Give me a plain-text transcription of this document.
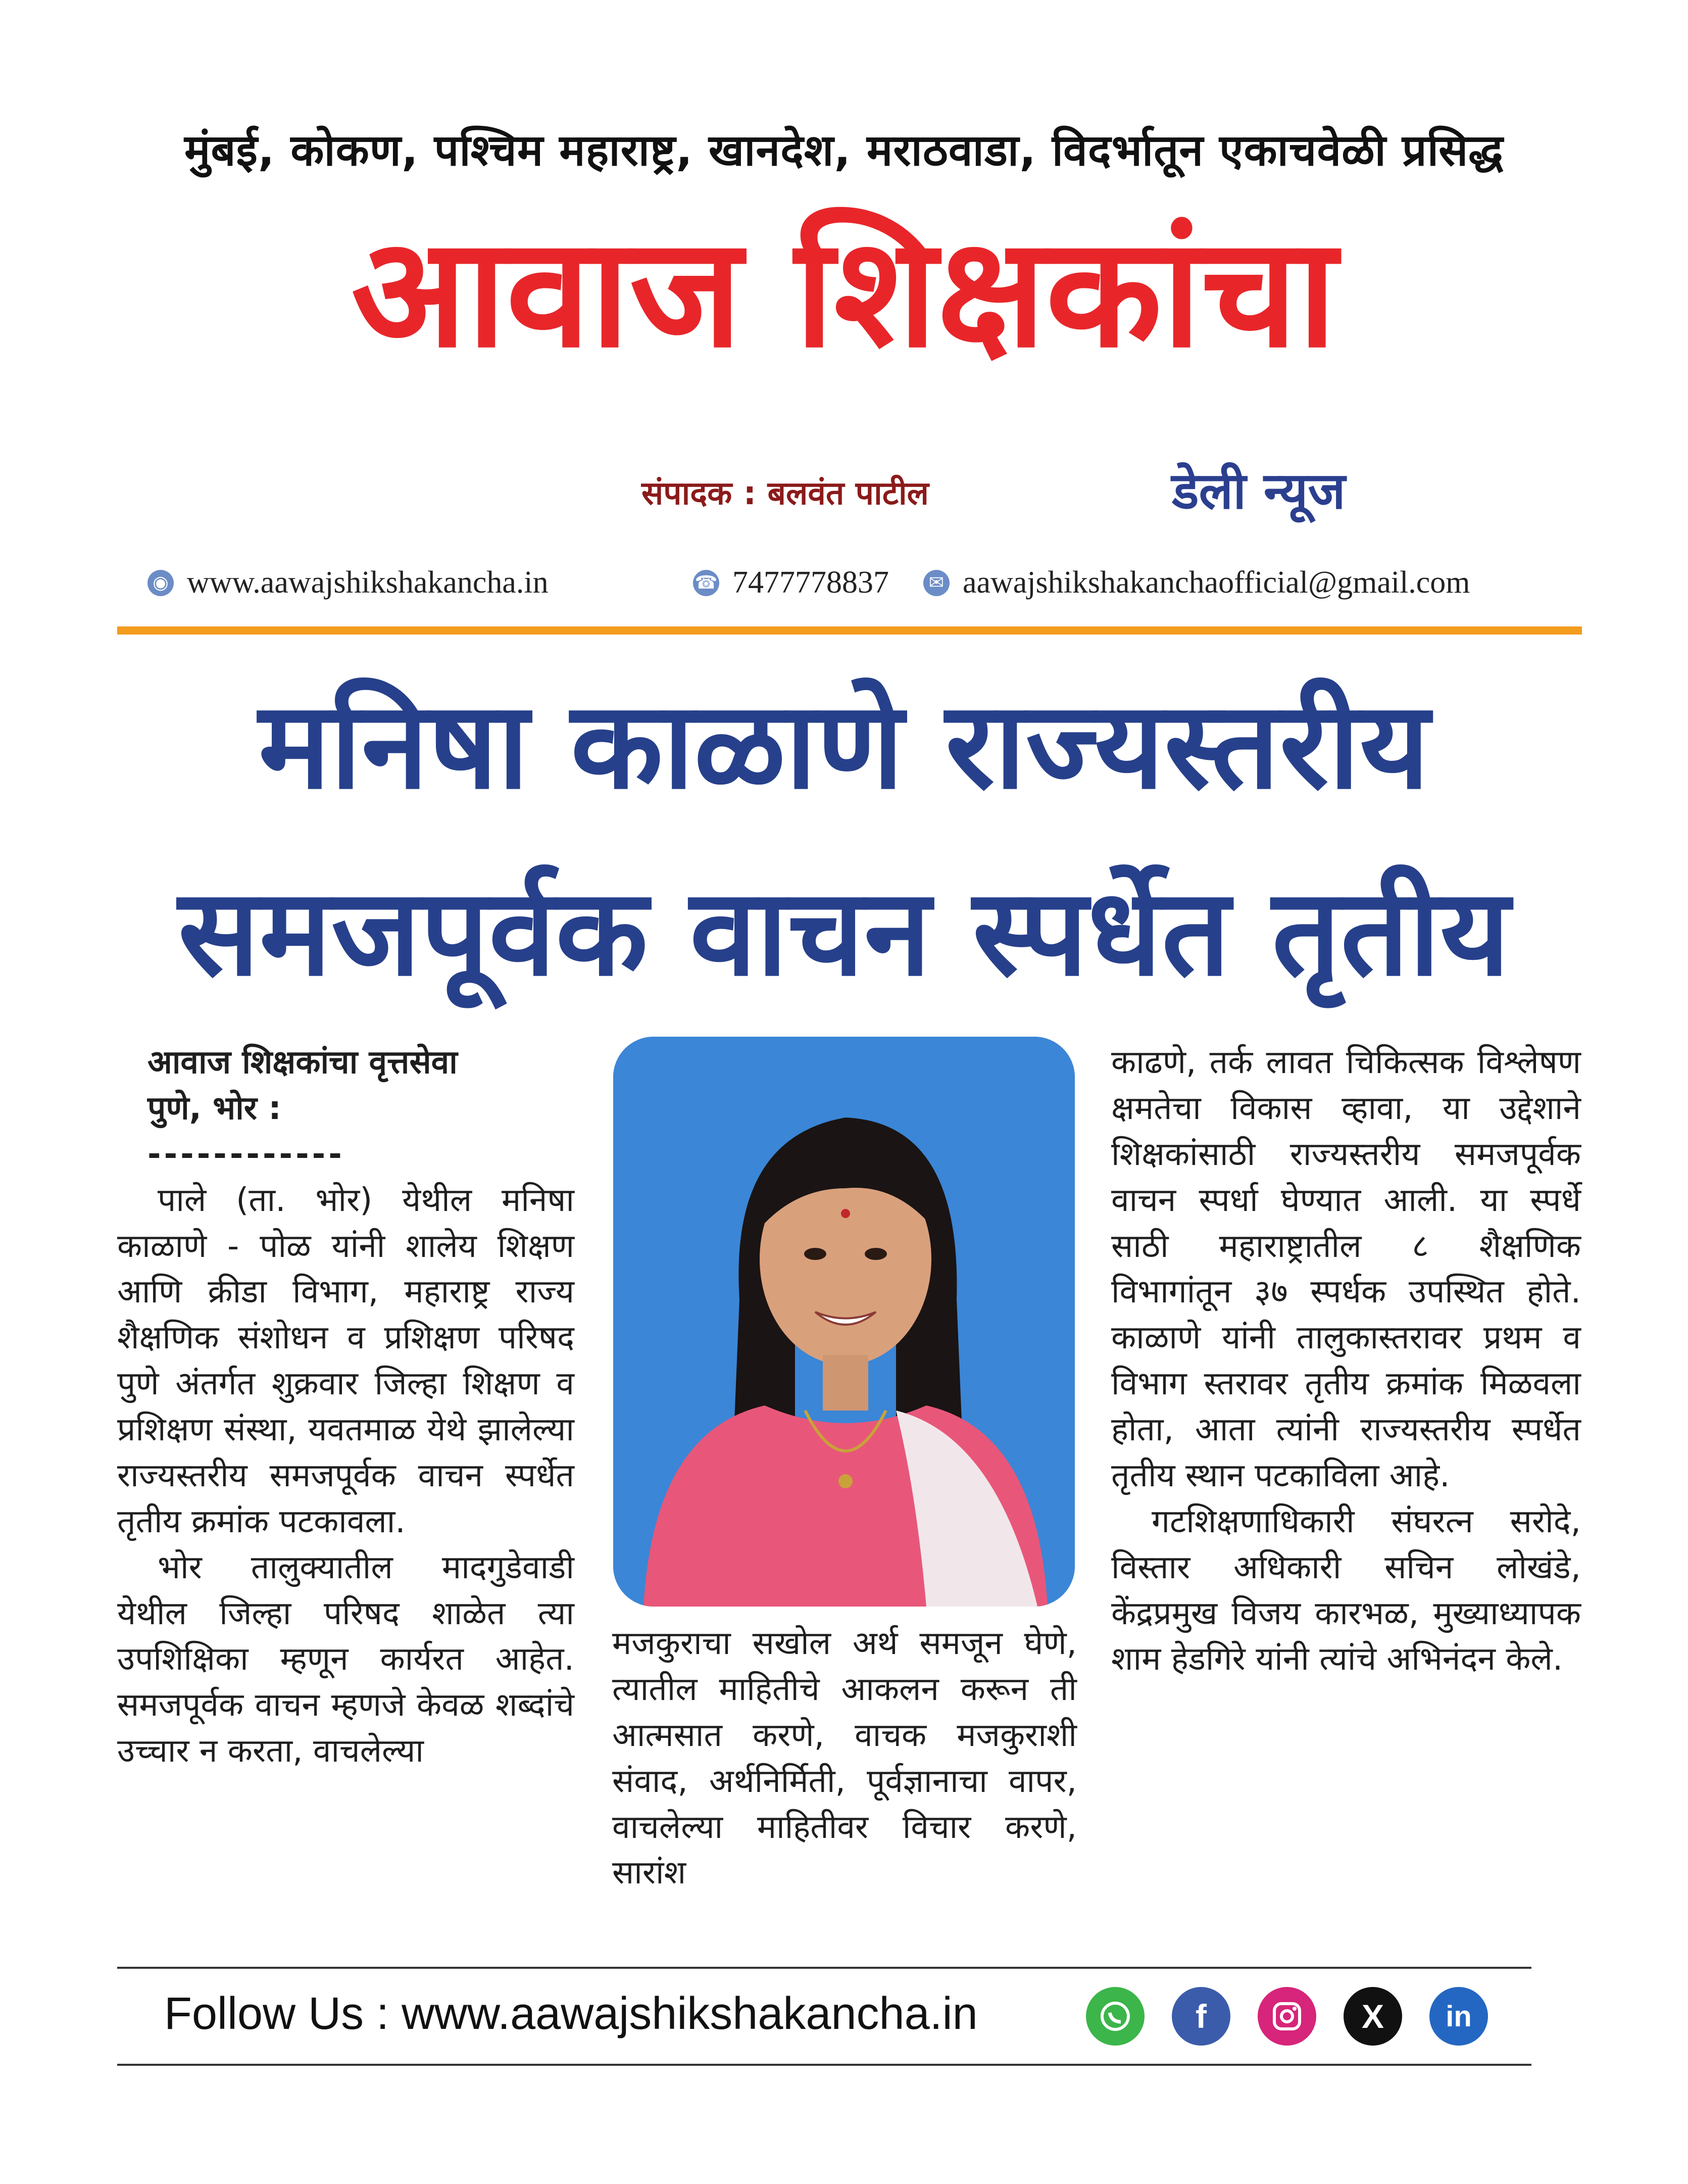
मुंबई, कोकण, पश्चिम महाराष्ट्र, खानदेश, मराठवाडा, विदर्भातून एकाचवेळी प्रसिद्ध
आवाज शिक्षकांचा
संपादक : बलवंत पाटील	डेली न्यूज
◉ www.aawajshikshakancha.in	☎ 7477778837	✉ aawajshikshakanchaofficial@gmail.com
मनिषा काळाणे राज्यस्तरीय
समजपूर्वक वाचन स्पर्धेत तृतीय
आवाज शिक्षकांचा वृत्तसेवा
पुणे, भोर :
------------

पाले (ता. भोर) येथील मनिषा काळाणे - पोळ यांनी शालेय शिक्षण आणि क्रीडा विभाग, महाराष्ट्र राज्य शैक्षणिक संशोधन व प्रशिक्षण परिषद पुणे अंतर्गत शुक्रवार जिल्हा शिक्षण व प्रशिक्षण संस्था, यवतमाळ येथे झालेल्या राज्यस्तरीय समजपूर्वक वाचन स्पर्धेत तृतीय क्रमांक पटकावला.

भोर तालुक्यातील मादगुडेवाडी येथील जिल्हा परिषद शाळेत त्या उपशिक्षिका म्हणून कार्यरत आहेत. समजपूर्वक वाचन म्हणजे केवळ शब्दांचे उच्चार न करता, वाचलेल्या

मजकुराचा सखोल अर्थ समजून घेणे, त्यातील माहितीचे आकलन करून ती आत्मसात करणे, वाचक मजकुराशी संवाद, अर्थनिर्मिती, पूर्वज्ञानाचा वापर, वाचलेल्या माहितीवर विचार करणे, सारांश

काढणे, तर्क लावत चिकित्सक विश्लेषण क्षमतेचा विकास व्हावा, या उद्देशाने शिक्षकांसाठी राज्यस्तरीय समजपूर्वक वाचन स्पर्धा घेण्यात आली. या स्पर्धे साठी महाराष्ट्रातील ८ शैक्षणिक विभागांतून ३७ स्पर्धक उपस्थित होते. काळाणे यांनी तालुकास्तरावर प्रथम व विभाग स्तरावर तृतीय क्रमांक मिळवला होता, आता त्यांनी राज्यस्तरीय स्पर्धेत तृतीय स्थान पटकाविला आहे.

गटशिक्षणाधिकारी संघरत्न सरोदे, विस्तार अधिकारी सचिन लोखंडे, केंद्रप्रमुख विजय कारभळ, मुख्याध्यापक शाम हेडगिरे यांनी त्यांचे अभिनंदन केले.

Follow Us : www.aawajshikshakancha.in	f	X	in
